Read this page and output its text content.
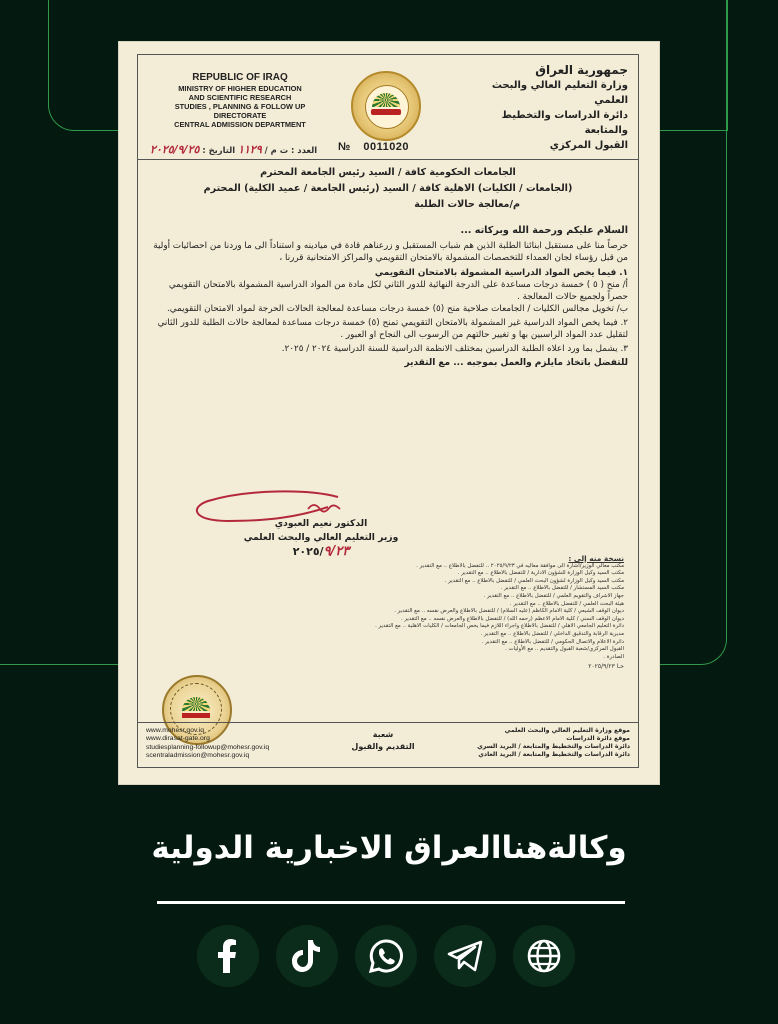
REPUBLIC OF IRAQ
MINISTRY OF HIGHER EDUCATION
AND SCIENTIFIC RESEARCH
STUDIES , PLANNING & FOLLOW UP DIRECTORATE
CENTRAL ADMISSION DEPARTMENT
جمهورية العراق
وزارة التعليم العالي والبحث العلمي
دائرة الدراسات والتخطيط والمتابعة
القبول المركزي
العدد : ت م / ١١٢٩ التاريخ : ٢٠٢٥/٩/٢٥	№ 0011020
الجامعات الحكومية كافة / السيد رئيس الجامعة المحترم
(الجامعات / الكليات) الاهلية كافة / السيد (رئيس الجامعة / عميد الكلية) المحترم
م/معالجة حالات الطلبة
السلام عليكم ورحمة الله وبركاته ...
حرصاً منا على مستقبل ابنائنا الطلبة الذين هم شباب المستقبل و زرعناهم قادة في ميادينه و استناداً الى ما وردنا من احصائيات أولية من قبل رؤساء لجان العمداء للتخصصات المشمولة بالامتحان التقويمي والمراكز الامتحانية قررنا ،
١. فيما يخص المواد الدراسية المشمولة بالامتحان التقويمي
أ/ منح ( ٥ ) خمسة درجات مساعدة على الدرجة النهائية للدور الثاني لكل مادة من المواد الدراسية المشمولة بالامتحان التقويمي حصراً ولجميع حالات المعالجة .
ب/ تخويل مجالس الكليات / الجامعات صلاحية منح (٥) خمسة درجات مساعدة لمعالجة الحالات الحرجة لمواد الامتحان التقويمي.
٢. فيما يخص المواد الدراسية غير المشمولة بالامتحان التقويمي تمنح (٥) خمسة درجات مساعدة لمعالجة حالات الطلبة للدور الثاني لتقليل عدد المواد الراسبين بها و تغيير حالتهم من الرسوب الى النجاح او العبور .
٣. يشمل بما ورد اعلاه الطلبة الدراسين بمختلف الانظمة الدراسية للسنة الدراسية ٢٠٢٤ / ٢٠٢٥.
للتفضل باتخاذ مايلزم والعمل بموجبه ... مع التقدير
الدكتور نعيم العبودي
وزير التعليم العالي والبحث العلمي
٢٠٢٥/٩/٢٣	نسخة منه إلى :
مكتب معالي الوزير/اشارة الى موافقة معاليه في ٢٠٢٥/٩/٢٣ .. للتفضل بالاطلاع .. مع التقدير .
مكتب السيد وكيل الوزارة للشؤون الادارية / للتفضل بالاطلاع .. مع التقدير .
مكتب السيد وكيل الوزارة لشؤون البحث العلمي / للتفضل بالاطلاع .. مع التقدير .
مكتب السيد المستشار / للتفضل بالاطلاع .. مع التقدير .
جهاز الاشراف والتقويم العلمي / للتفضل بالاطلاع .. مع التقدير .
هيئة البحث العلمي / للتفضل بالاطلاع .. مع التقدير .
ديوان الوقف الشيعي / كلية الامام الكاظم (عليه السلام) / للتفضل بالاطلاع والعرض نفسه .. مع التقدير .
ديوان الوقف السني / كلية الامام الاعظم (رحمه الله) / للتفضل بالاطلاع والعرض نفسه .. مع التقدير .
دائرة التعليم الجامعي الاهلي / للتفضل بالاطلاع واجراء اللازم فيما يخص الجامعات / الكليات الاهلية .. مع التقدير .
مديرية الرقابة والتدقيق الداخلي / للتفضل بالاطلاع .. مع التقدير .
دائرة الاعلام والاتصال الحكومي / للتفضل بالاطلاع .. مع التقدير .
القبول المركزي/شعبة القبول والتقديم .. مع الأوليات .
الصادرة .
حـا ٢٠٢٥/٩/٢٣
www.mohesr.gov.iq
www.dirasat-gate.org
studiesplanning-followup@mohesr.gov.iq
scentraladmission@mohesr.gov.iq
شعبة
التقديم والقبول
موقع وزارة التعليم العالي والبحث العلمي
موقع دائرة الدراسات
دائرة الدراسات والتخطيط والمتابعة / البريد السري
دائرة الدراسات والتخطيط والمتابعة / البريد العادي
وكالةهناالعراق الاخبارية الدولية
